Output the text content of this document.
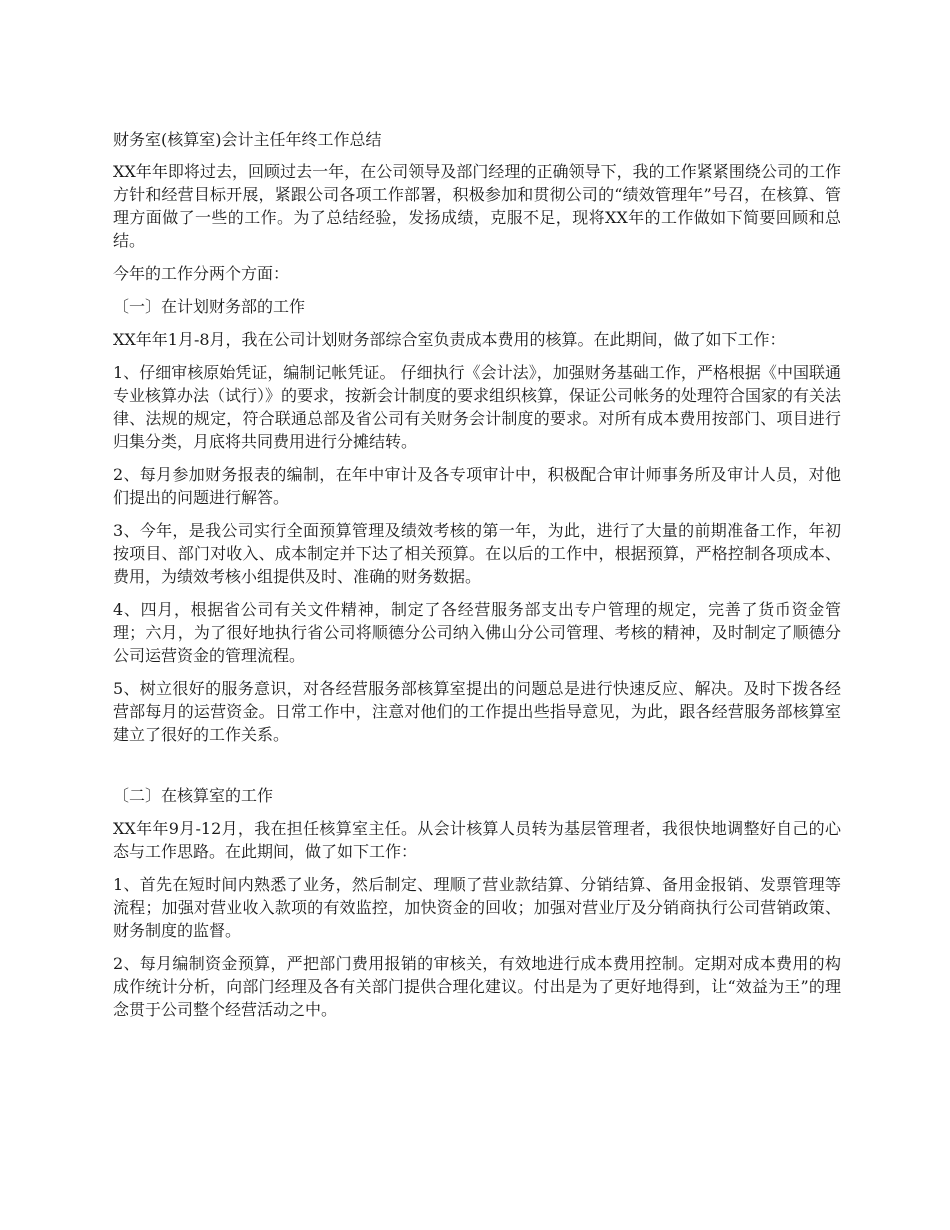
财务室(核算室)会计主任年终工作总结

XX年年即将过去，回顾过去一年，在公司领导及部门经理的正确领导下，我的工作紧紧围绕公司的工作方针和经营目标开展，紧跟公司各项工作部署，积极参加和贯彻公司的“绩效管理年”号召，在核算、管理方面做了一些的工作。为了总结经验，发扬成绩，克服不足，现将XX年的工作做如下简要回顾和总结。

今年的工作分两个方面：

〔一〕在计划财务部的工作

XX年年1月-8月，我在公司计划财务部综合室负责成本费用的核算。在此期间，做了如下工作：

1、仔细审核原始凭证，编制记帐凭证。 仔细执行《会计法》，加强财务基础工作，严格根据《中国联通专业核算办法（试行）》的要求，按新会计制度的要求组织核算，保证公司帐务的处理符合国家的有关法律、法规的规定，符合联通总部及省公司有关财务会计制度的要求。对所有成本费用按部门、项目进行归集分类，月底将共同费用进行分摊结转。

2、每月参加财务报表的编制，在年中审计及各专项审计中，积极配合审计师事务所及审计人员，对他们提出的问题进行解答。

3、今年，是我公司实行全面预算管理及绩效考核的第一年，为此，进行了大量的前期准备工作，年初按项目、部门对收入、成本制定并下达了相关预算。在以后的工作中，根据预算，严格控制各项成本、费用，为绩效考核小组提供及时、准确的财务数据。

4、四月，根据省公司有关文件精神，制定了各经营服务部支出专户管理的规定，完善了货币资金管理；六月，为了很好地执行省公司将顺德分公司纳入佛山分公司管理、考核的精神，及时制定了顺德分公司运营资金的管理流程。

5、树立很好的服务意识，对各经营服务部核算室提出的问题总是进行快速反应、解决。及时下拨各经营部每月的运营资金。日常工作中，注意对他们的工作提出些指导意见，为此，跟各经营服务部核算室建立了很好的工作关系。

〔二〕在核算室的工作

XX年年9月-12月，我在担任核算室主任。从会计核算人员转为基层管理者，我很快地调整好自己的心态与工作思路。在此期间，做了如下工作：

1、首先在短时间内熟悉了业务，然后制定、理顺了营业款结算、分销结算、备用金报销、发票管理等流程；加强对营业收入款项的有效监控，加快资金的回收；加强对营业厅及分销商执行公司营销政策、财务制度的监督。

2、每月编制资金预算，严把部门费用报销的审核关，有效地进行成本费用控制。定期对成本费用的构成作统计分析，向部门经理及各有关部门提供合理化建议。付出是为了更好地得到，让“效益为王”的理念贯于公司整个经营活动之中。
